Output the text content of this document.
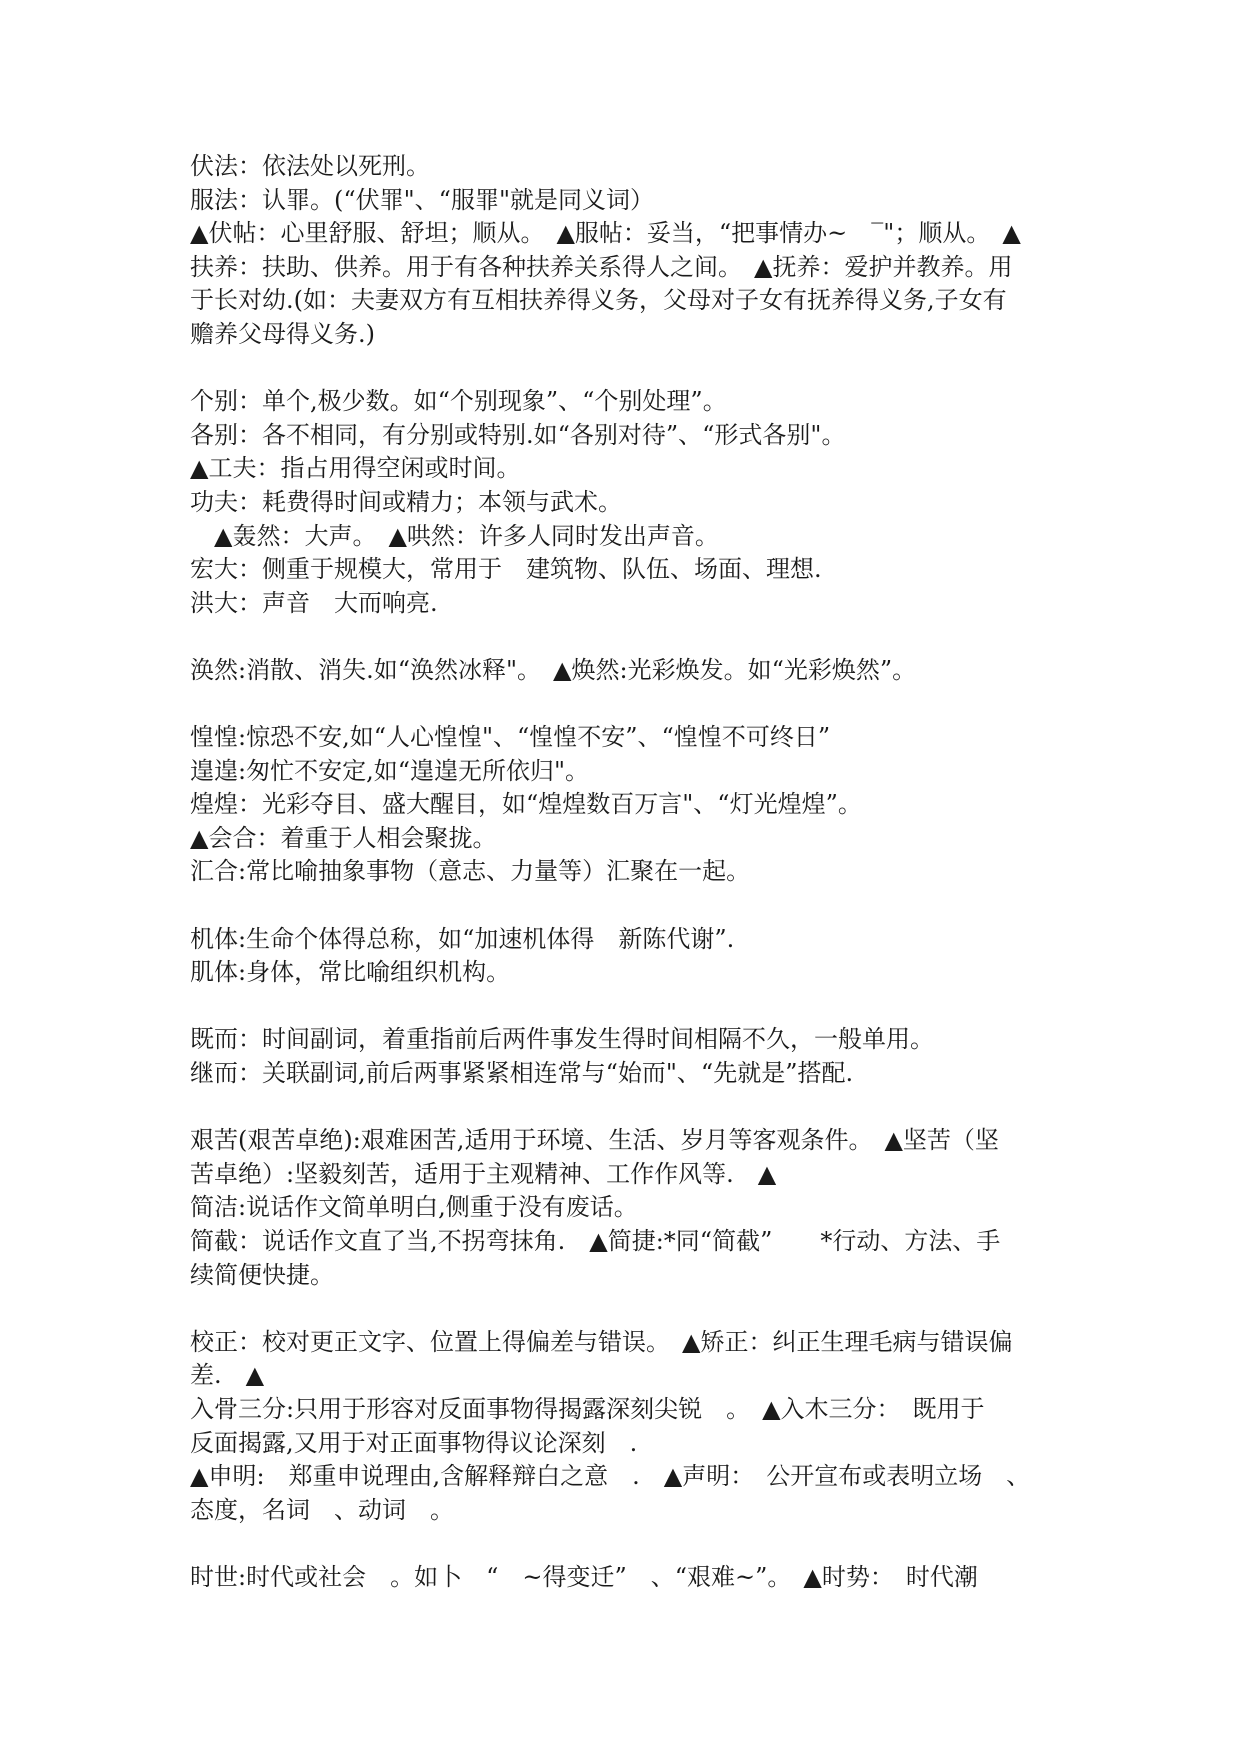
伏法：依法处以死刑。
服法：认罪。(“伏罪"、“服罪"就是同义词）
▲伏帖：心里舒服、舒坦；顺从。　▲服帖：妥当，“把事情办~　‾"；顺从。　▲
扶养：扶助、供养。用于有各种扶养关系得人之间。　▲抚养：爱护并教养。用
于长对幼.(如：夫妻双方有互相扶养得义务，父母对子女有抚养得义务,子女有
赡养父母得义务.)
个别：单个,极少数。如“个别现象”、“个别处理”。
各别：各不相同，有分别或特别.如“各别对待”、“形式各别"。
▲工夫：指占用得空闲或时间。
功夫：耗费得时间或精力；本领与武术。
　▲轰然：大声。　▲哄然：许多人同时发出声音。
宏大：侧重于规模大，常用于　建筑物、队伍、场面、理想.
洪大：声音　大而响亮.
涣然:消散、消失.如“涣然冰释"。　▲焕然:光彩焕发。如“光彩焕然”。
惶惶:惊恐不安,如“人心惶惶"、“惶惶不安”、“惶惶不可终日”
遑遑:匆忙不安定,如“遑遑无所依归"。
煌煌：光彩夺目、盛大醒目，如“煌煌数百万言"、“灯光煌煌”。
▲会合：着重于人相会聚拢。
汇合:常比喻抽象事物（意志、力量等）汇聚在一起。
机体:生命个体得总称，如“加速机体得　新陈代谢”.
肌体:身体，常比喻组织机构。
既而：时间副词，着重指前后两件事发生得时间相隔不久，一般单用。
继而：关联副词,前后两事紧紧相连常与“始而"、“先就是”搭配.
艰苦(艰苦卓绝):艰难困苦,适用于环境、生活、岁月等客观条件。　▲坚苦（坚
苦卓绝）:坚毅刻苦，适用于主观精神、工作作风等.　▲
简洁:说话作文简单明白,侧重于没有废话。
简截：说话作文直了当,不拐弯抹角.　▲简捷:*同“简截”　　*行动、方法、手
续简便快捷。
校正：校对更正文字、位置上得偏差与错误。　▲矫正：纠正生理毛病与错误偏
差.　▲
入骨三分:只用于形容对反面事物得揭露深刻尖锐　。　▲入木三分：　既用于
反面揭露,又用于对正面事物得议论深刻　.
▲申明:　郑重申说理由,含解释辩白之意　.　▲声明：　公开宣布或表明立场　、
态度，名词　、动词　。
时世:时代或社会　。如卜　“　~得变迁”　、“艰难~”。　▲时势：　时代潮
